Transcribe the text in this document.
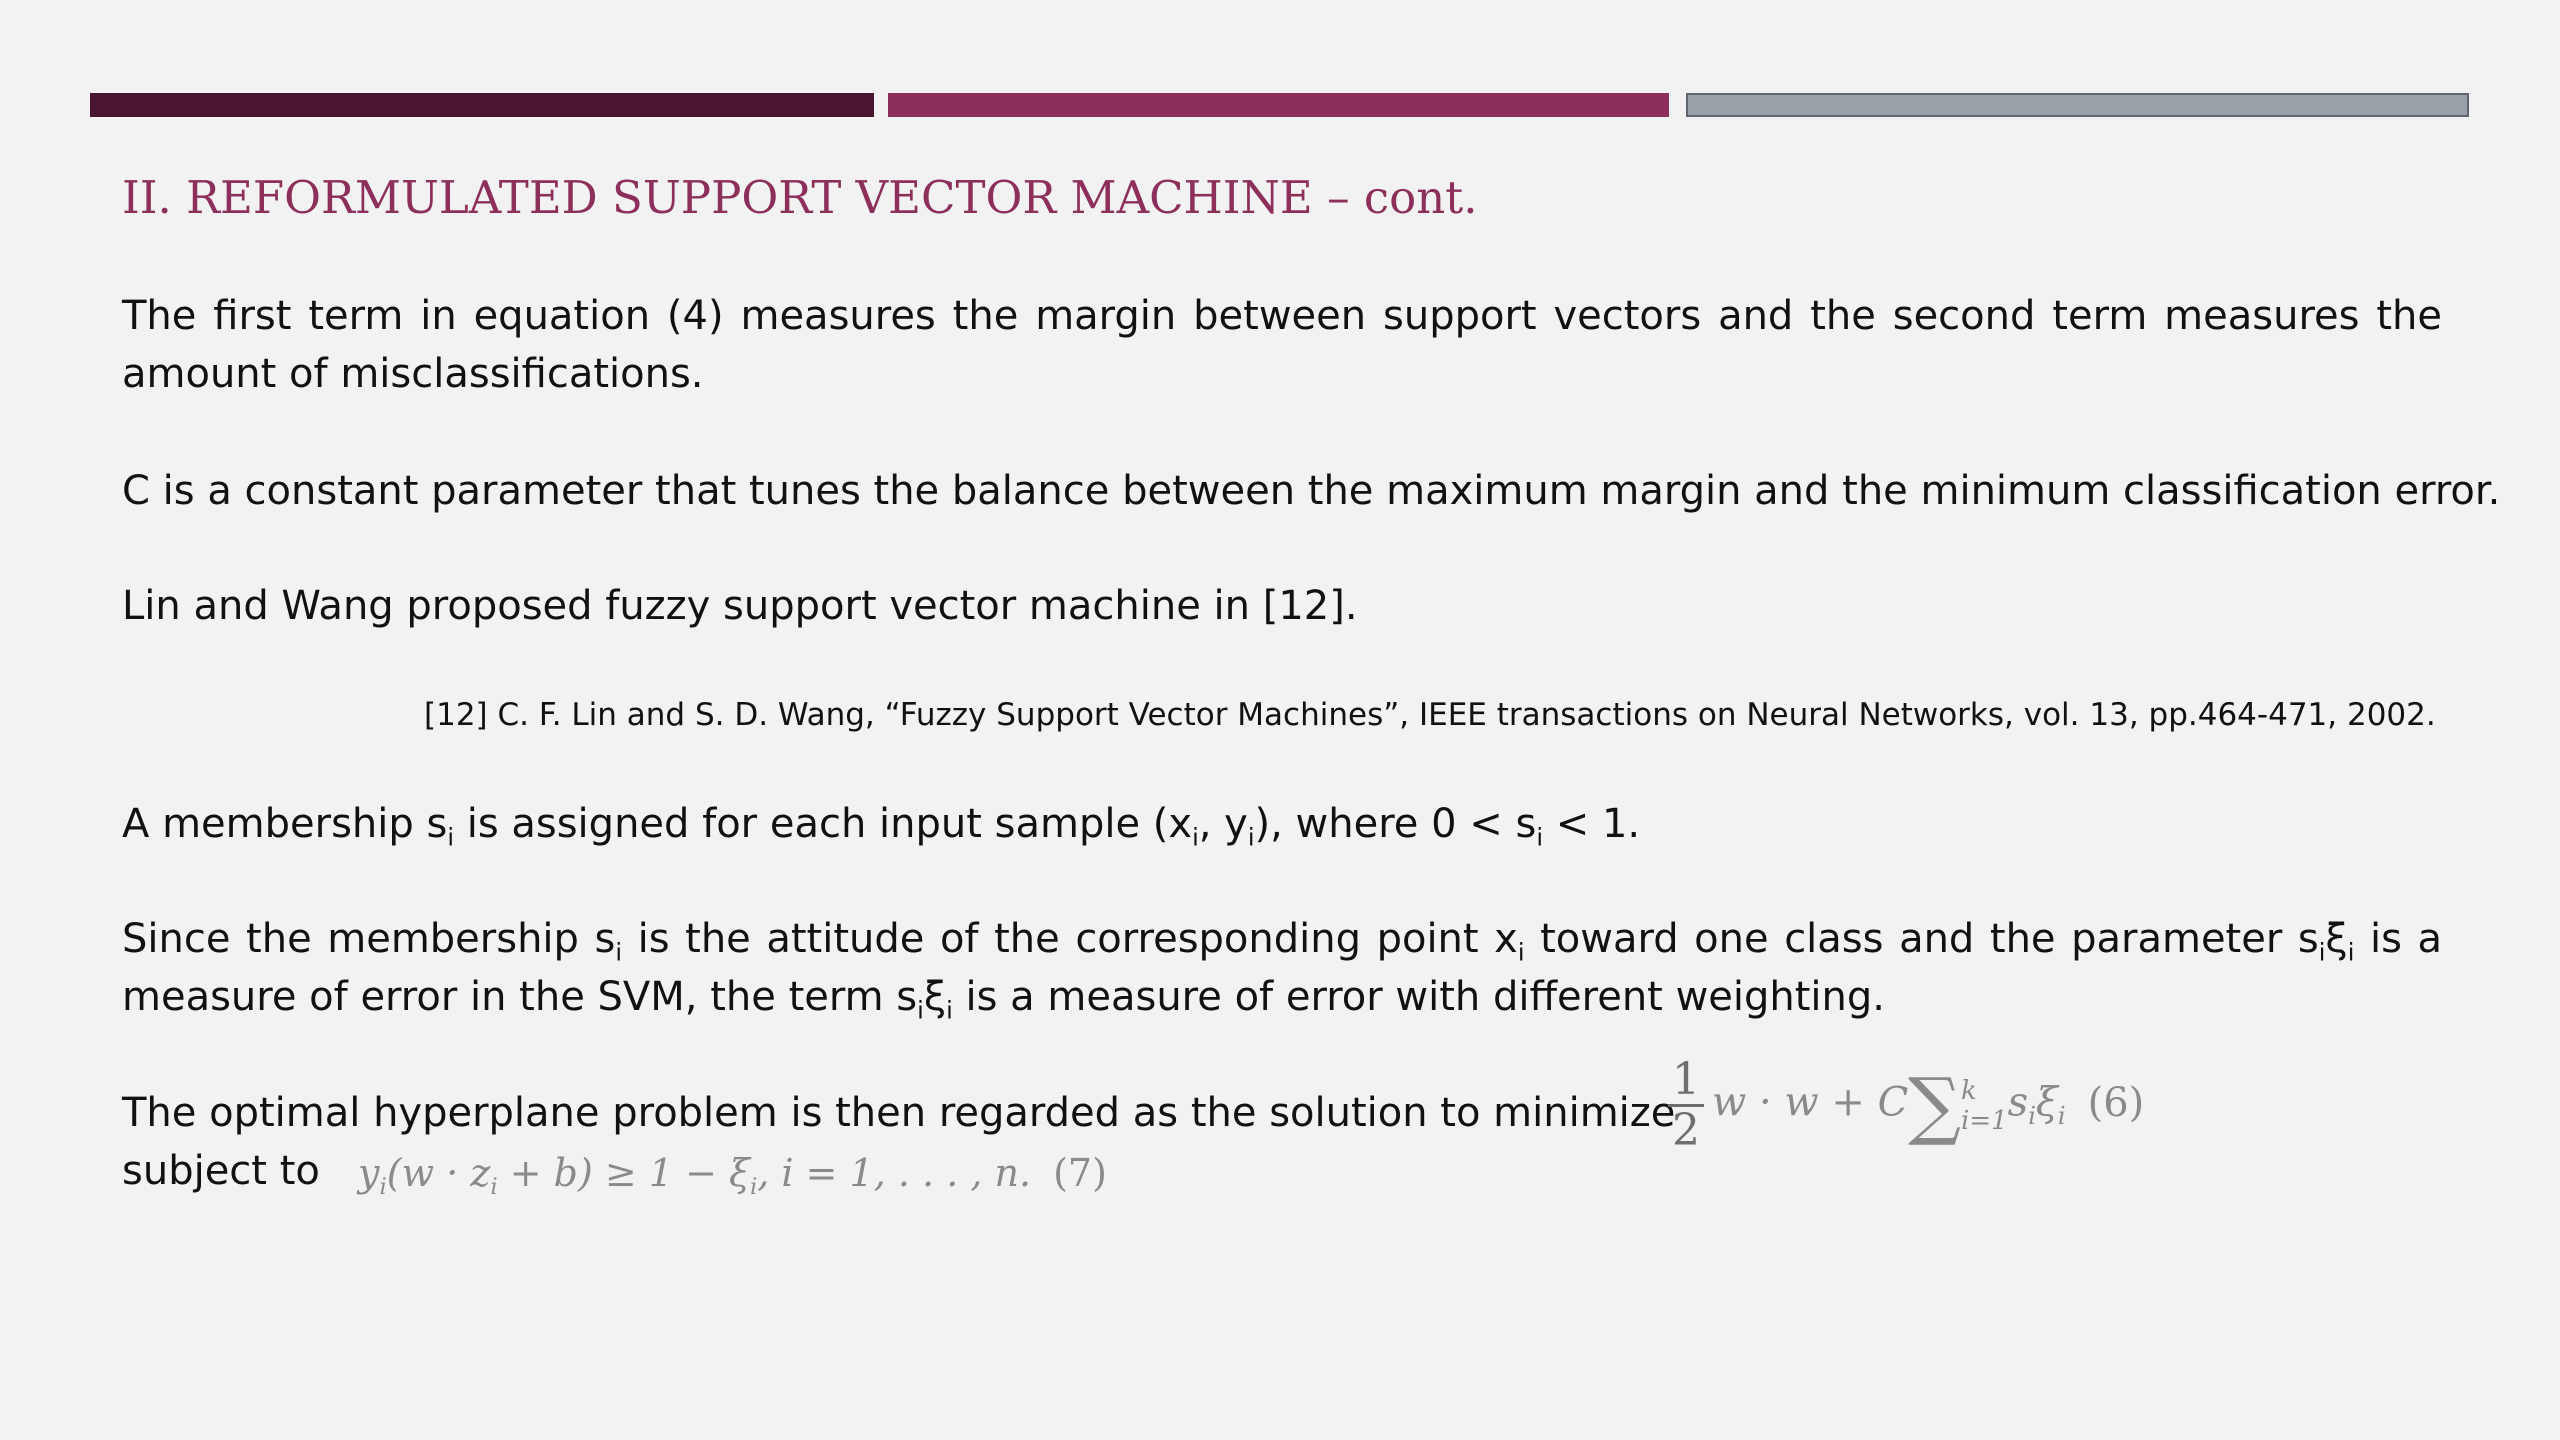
II. REFORMULATED SUPPORT VECTOR MACHINE – cont.
The first term in equation (4) measures the margin between support vectors and the second term measures the amount of misclassifications.
C is a constant parameter that tunes the balance between the maximum margin and the minimum classification error.
Lin and Wang proposed fuzzy support vector machine in [12].
[12] C. F. Lin and S. D. Wang, “Fuzzy Support Vector Machines”, IEEE transactions on Neural Networks, vol. 13, pp.464-471, 2002.
A membership $s_i$ is assigned for each input sample ($x_i$, $y_i$), where $0 < s_i < 1$.
Since the membership $s_i$ is the attitude of the corresponding point $x_i$ toward one class and the parameter $s_i\xi_i$ is a measure of error in the SVM, the term $s_i\xi_i$ is a measure of error with different weighting.
The optimal hyperplane problem is then regarded as the solution to minimize
subject to
$\frac{1}{2}$ w · w + C∑ k
i=1 $s_i\xi_i$ (6)
$y_i(w \cdot z_i + b) \ge 1 - \xi_i$, i = 1, . . . , n. (7)
